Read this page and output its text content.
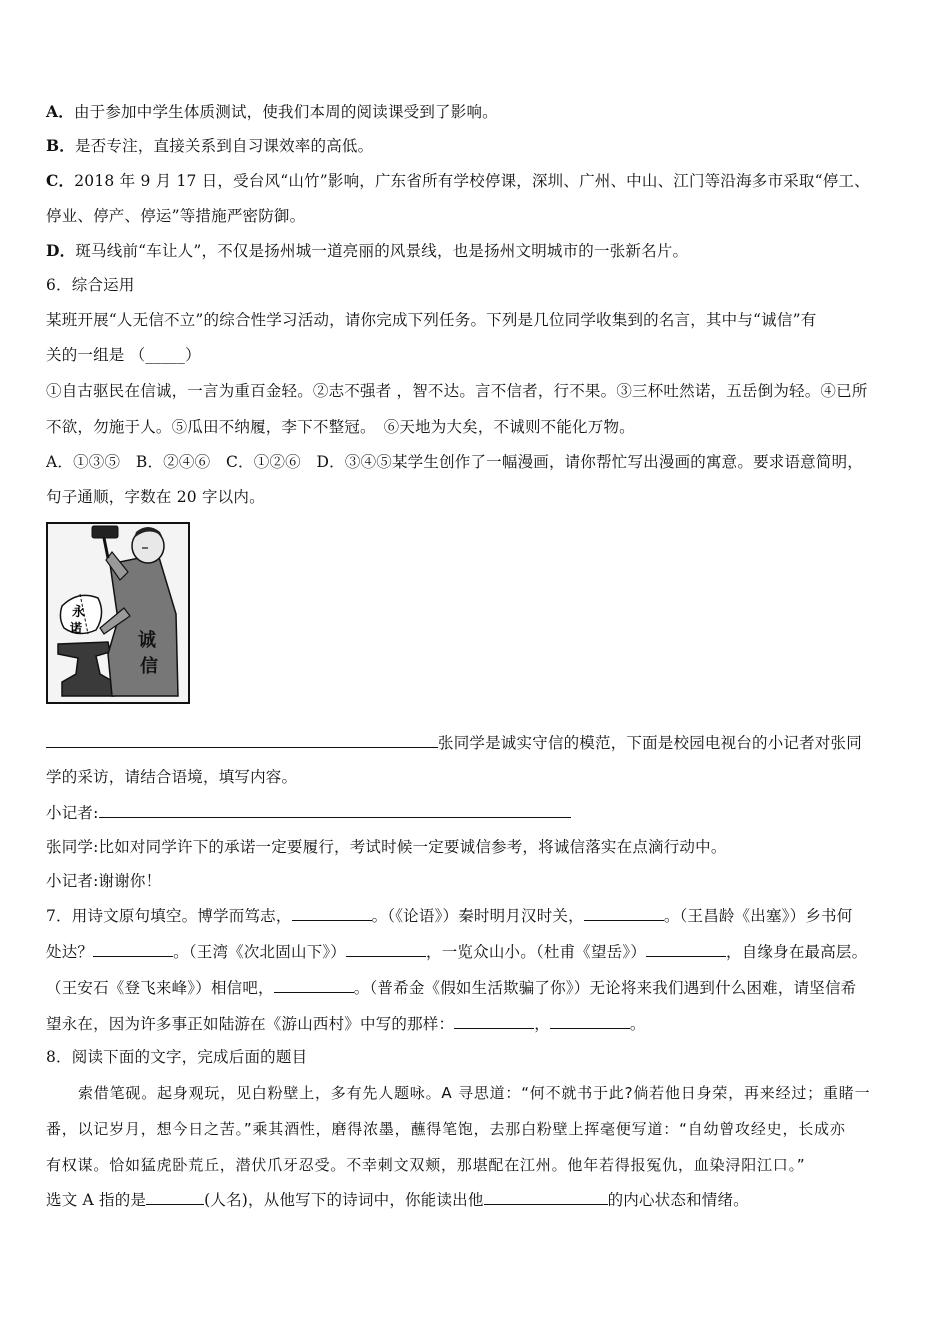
A．由于参加中学生体质测试，使我们本周的阅读课受到了影响。
B．是否专注，直接关系到自习课效率的高低。
C．2018 年 9 月 17 日，受台风“山竹”影响，广东省所有学校停课，深圳、广州、中山、江门等沿海多市采取“停工、
停业、停产、停运”等措施严密防御。
D．斑马线前“车让人”，不仅是扬州城一道亮丽的风景线，也是扬州文明城市的一张新名片。
6．综合运用
某班开展“人无信不立”的综合性学习活动，请你完成下列任务。下列是几位同学收集到的名言，其中与“诚信”有
关的一组是 （_____）
①自古驱民在信诚，一言为重百金轻。②志不强者 ，智不达。言不信者，行不果。③三杯吐然诺，五岳倒为轻。④已所
不欲，勿施于人。⑤瓜田不纳履，李下不整冠。　⑥天地为大矣，不诚则不能化万物。
A．①③⑤　B．②④⑥　C．①②⑥　D．③④⑤某学生创作了一幅漫画，请你帮忙写出漫画的寓意。要求语意简明，
句子通顺，字数在 20 字以内。
永
诺
诚
信
张同学是诚实守信的模范，下面是校园电视台的小记者对张同
学的采访，请结合语境，填写内容。
小记者:
张同学:比如对同学许下的承诺一定要履行，考试时候一定要诚信参考，将诚信落实在点滴行动中。
小记者:谢谢你！
7．用诗文原句填空。博学而笃志，	。（《论语》）秦时明月汉时关，	。（王昌龄《出塞》）乡书何
处达？	。（王湾《次北固山下》）	，一览众山小。（杜甫《望岳》）	，自缘身在最高层。
（王安石《登飞来峰》）相信吧，	。（普希金《假如生活欺骗了你》）无论将来我们遇到什么困难，请坚信希
望永在，因为许多事正如陆游在《游山西村》中写的那样：	，	。
8．阅读下面的文字，完成后面的题目
索借笔砚。起身观玩，见白粉壁上，多有先人题咏。A 寻思道：“何不就书于此?倘若他日身荣，再来经过；重睹一
番，以记岁月，想今日之苦。”乘其酒性，磨得浓墨，蘸得笔饱，去那白粉壁上挥毫便写道：“自幼曾攻经史，长成亦
有权谋。恰如猛虎卧荒丘，潜伏爪牙忍受。不幸刺文双颊，那堪配在江州。他年若得报冤仇，血染浔阳江口。”
选文 A 指的是	(人名)，从他写下的诗词中，你能读出他	的内心状态和情绪。
